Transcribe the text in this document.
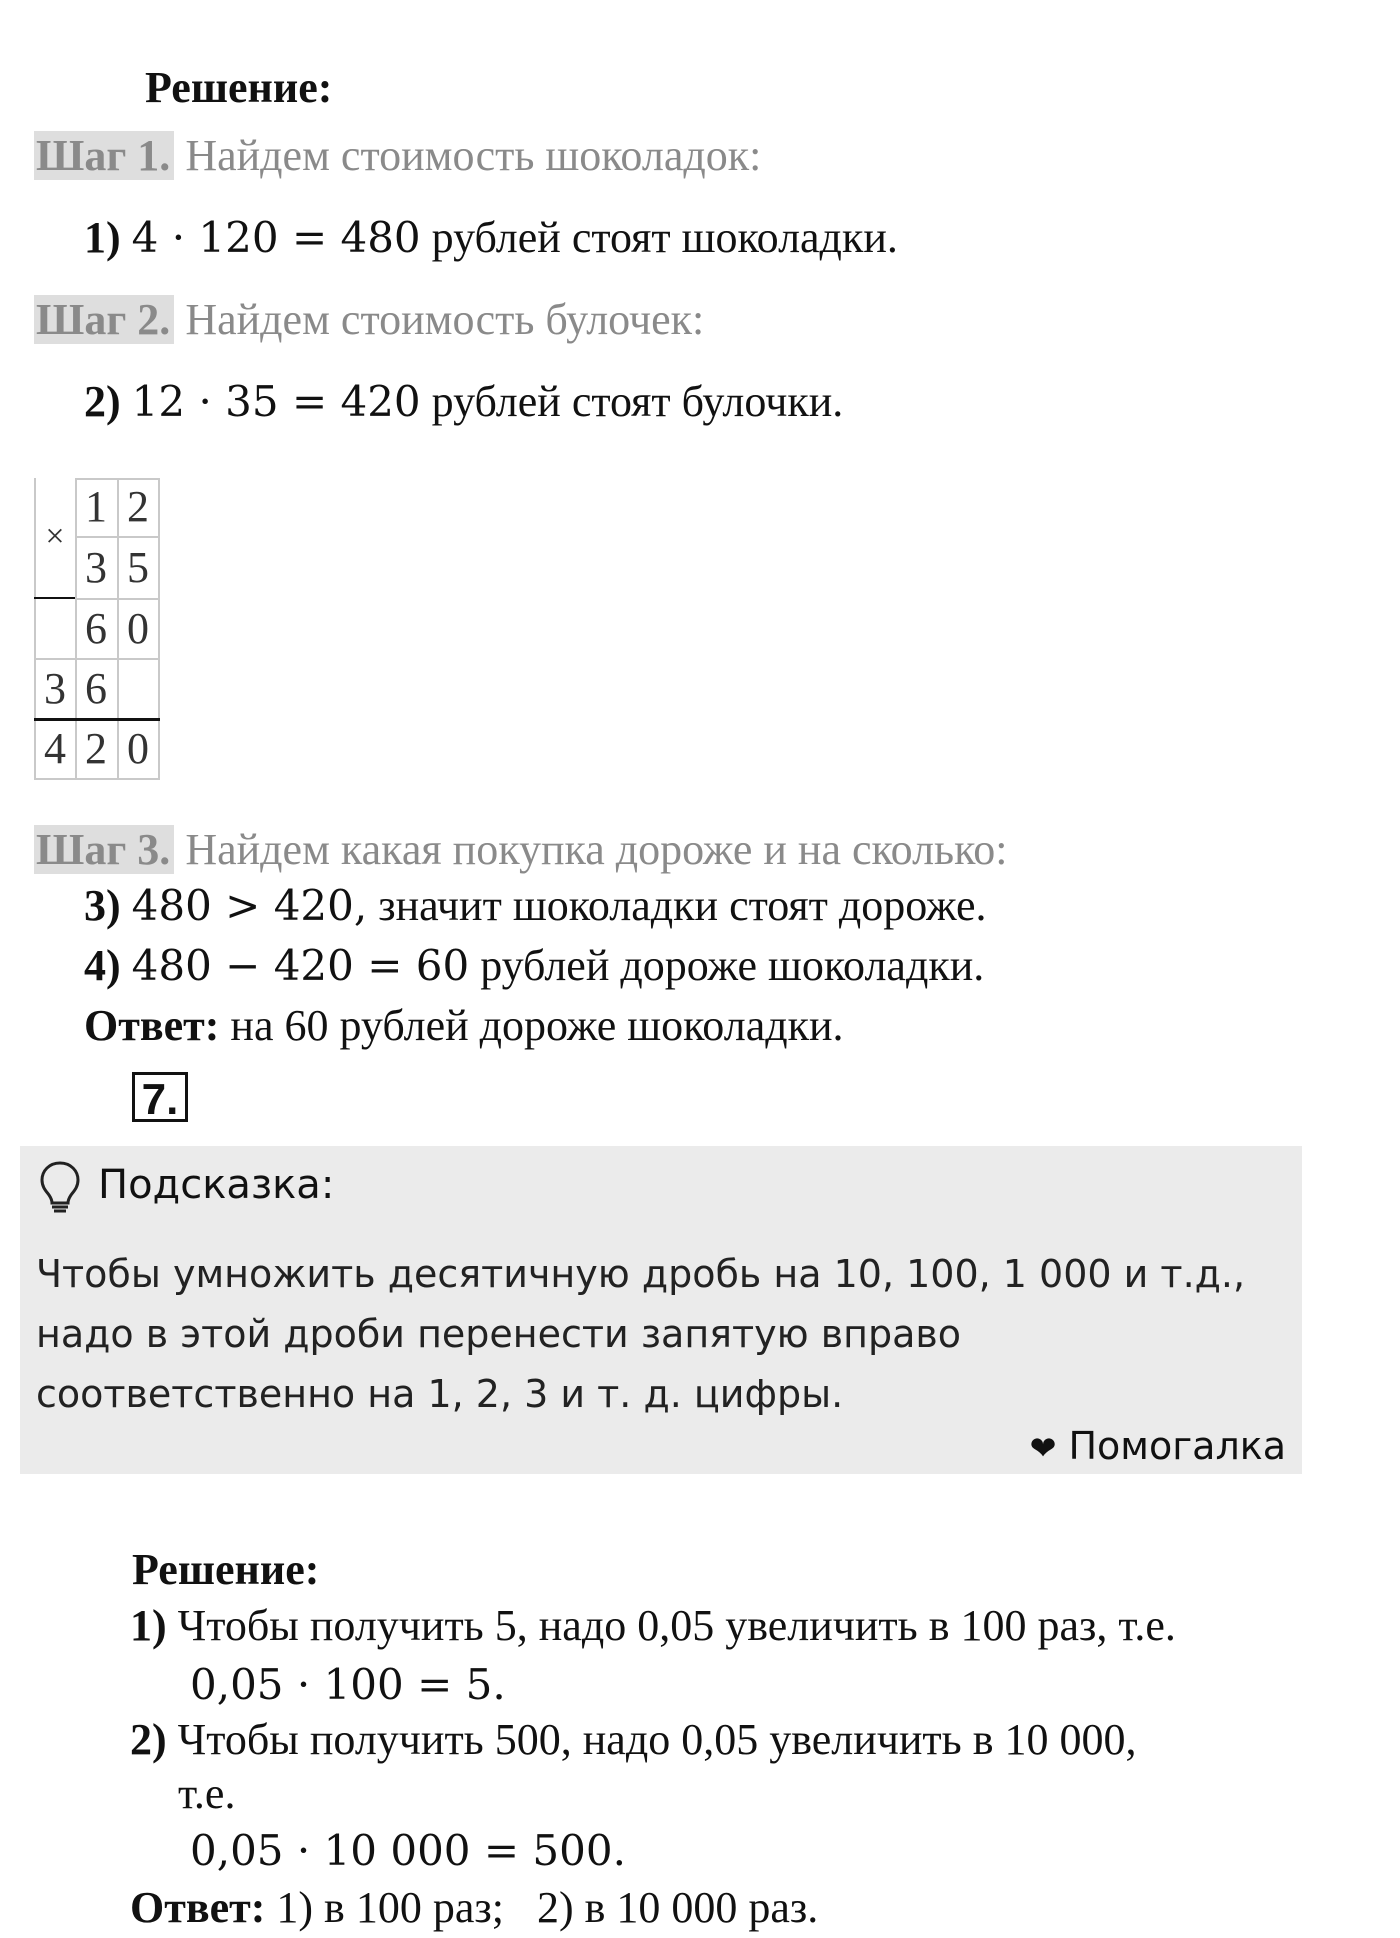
Решение:
Шаг 1. Найдем стоимость шоколадок:
1) 4 · 120 = 480 рублей стоят шоколадки.
Шаг 2. Найдем стоимость булочек:
2) 12 · 35 = 420 рублей стоят булочки.
×
1 2
3 5
6 0
3 6
4 2 0
Шаг 3. Найдем какая покупка дороже и на сколько:
3) 480 > 420, значит шоколадки стоят дороже.
4) 480 − 420 = 60 рублей дороже шоколадки.
Ответ: на 60 рублей дороже шоколадки.
7.
Подсказка:
Чтобы умножить десятичную дробь на 10, 100, 1 000 и т.д., надо в этой дроби перенести запятую вправо соответственно на 1, 2, 3 и т. д. цифры.
❤ Помогалка
Решение:
1) Чтобы получить 5, надо 0,05 увеличить в 100 раз, т.е.
0,05 · 100 = 5.
2) Чтобы получить 500, надо 0,05 увеличить в 10 000,
т.е.
0,05 · 10 000 = 500.
Ответ: 1) в 100 раз;   2) в 10 000 раз.
